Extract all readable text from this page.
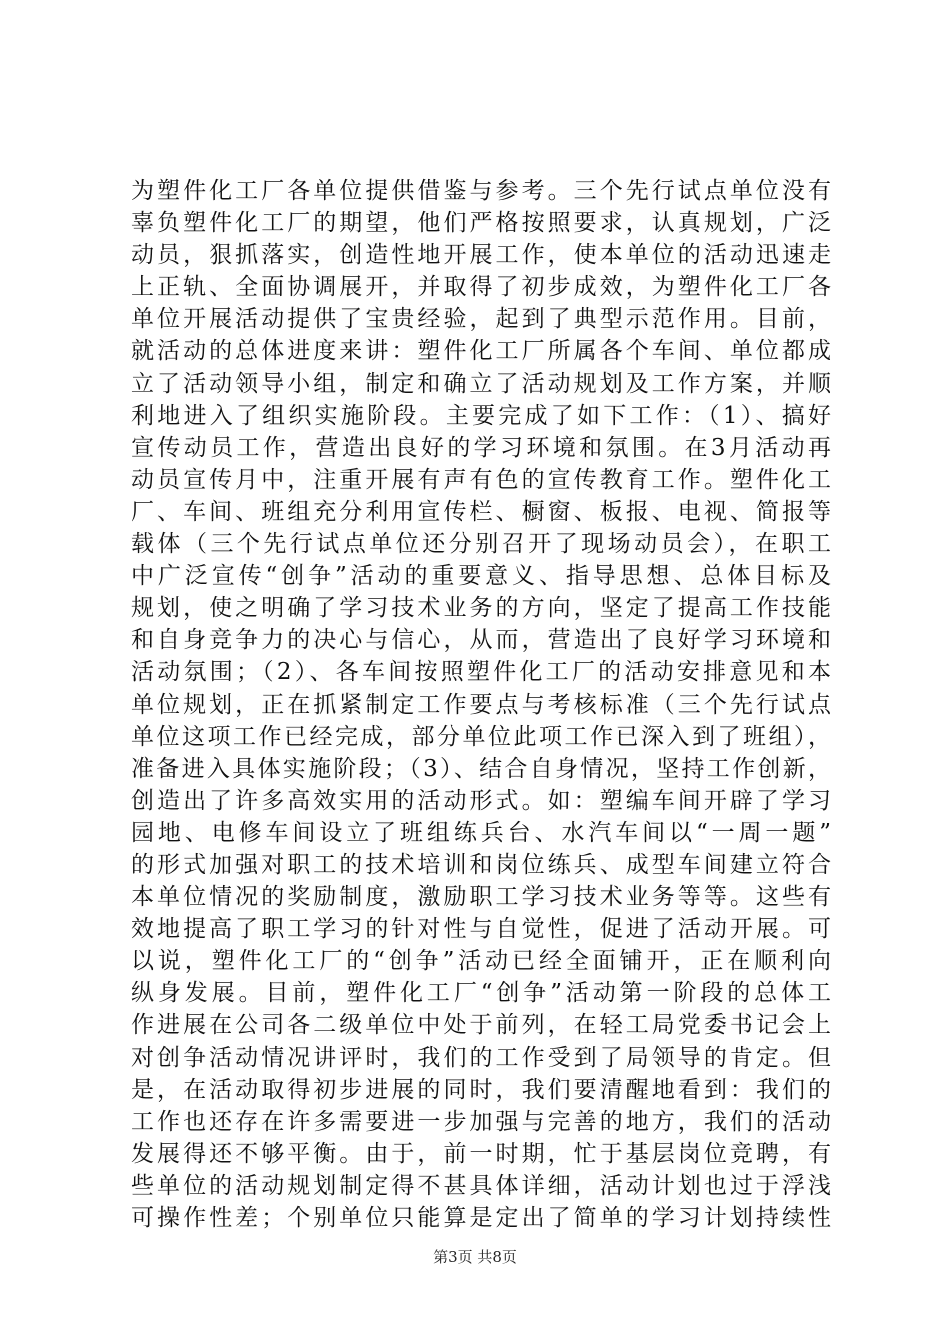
为塑件化工厂各单位提供借鉴与参考。三个先行试点单位没有
辜负塑件化工厂的期望，他们严格按照要求，认真规划，广泛
动员，狠抓落实，创造性地开展工作，使本单位的活动迅速走
上正轨、全面协调展开，并取得了初步成效，为塑件化工厂各
单位开展活动提供了宝贵经验，起到了典型示范作用。目前，
就活动的总体进度来讲：塑件化工厂所属各个车间、单位都成
立了活动领导小组，制定和确立了活动规划及工作方案，并顺
利地进入了组织实施阶段。主要完成了如下工作：（1）、搞好
宣传动员工作，营造出良好的学习环境和氛围。在3月活动再
动员宣传月中，注重开展有声有色的宣传教育工作。塑件化工
厂、车间、班组充分利用宣传栏、橱窗、板报、电视、简报等
载体（三个先行试点单位还分别召开了现场动员会），在职工
中广泛宣传“创争”活动的重要意义、指导思想、总体目标及
规划，使之明确了学习技术业务的方向，坚定了提高工作技能
和自身竞争力的决心与信心，从而，营造出了良好学习环境和
活动氛围；（2）、各车间按照塑件化工厂的活动安排意见和本
单位规划，正在抓紧制定工作要点与考核标准（三个先行试点
单位这项工作已经完成，部分单位此项工作已深入到了班组），
准备进入具体实施阶段；（3）、结合自身情况，坚持工作创新，
创造出了许多高效实用的活动形式。如：塑编车间开辟了学习
园地、电修车间设立了班组练兵台、水汽车间以“一周一题”
的形式加强对职工的技术培训和岗位练兵、成型车间建立符合
本单位情况的奖励制度，激励职工学习技术业务等等。这些有
效地提高了职工学习的针对性与自觉性，促进了活动开展。可
以说，塑件化工厂的“创争”活动已经全面铺开，正在顺利向
纵身发展。目前，塑件化工厂“创争”活动第一阶段的总体工
作进展在公司各二级单位中处于前列，在轻工局党委书记会上
对创争活动情况讲评时，我们的工作受到了局领导的肯定。但
是，在活动取得初步进展的同时，我们要清醒地看到：我们的
工作也还存在许多需要进一步加强与完善的地方，我们的活动
发展得还不够平衡。由于，前一时期，忙于基层岗位竞聘，有
些单位的活动规划制定得不甚具体详细，活动计划也过于浮浅
可操作性差；个别单位只能算是定出了简单的学习计划持续性
第3页 共8页
